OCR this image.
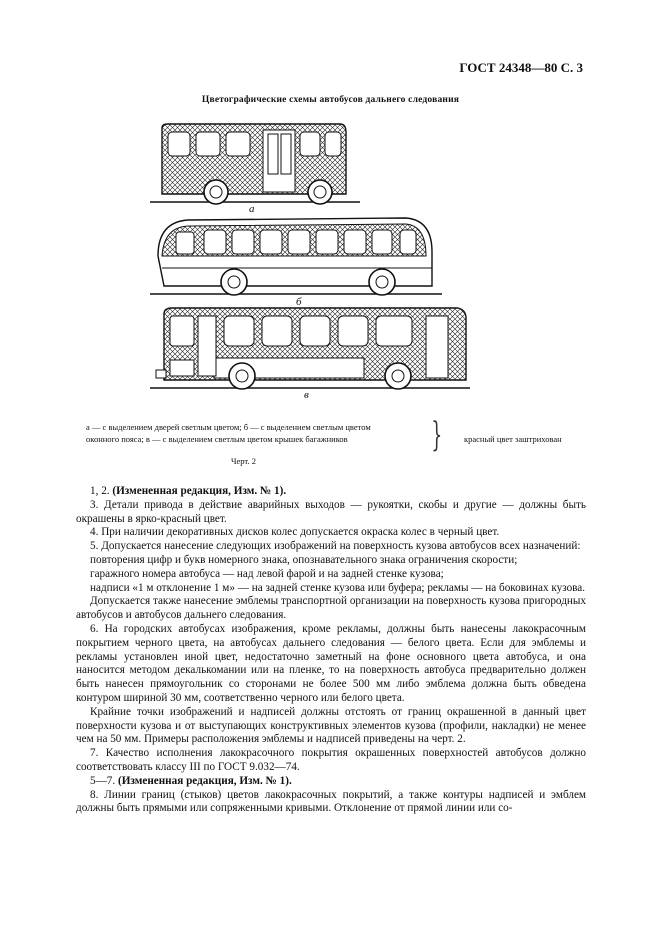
ГОСТ 24348—80 С. 3
Цветографические схемы автобусов дальнего следования
а
б
в
а — с выделением дверей светлым цветом; б — с выделением светлым цветом
оконного пояса; в — с выделением светлым цветом крышек багажников	}	красный цвет заштрихован
Черт. 2

1, 2. (Измененная редакция, Изм. № 1).

3. Детали привода в действие аварийных выходов — рукоятки, скобы и другие — должны быть окрашены в ярко-красный цвет.

4. При наличии декоративных дисков колес допускается окраска колес в черный цвет.

5. Допускается нанесение следующих изображений на поверхность кузова автобусов всех назначений:

повторения цифр и букв номерного знака, опознавательного знака ограничения скорости;

гаражного номера автобуса — над левой фарой и на задней стенке кузова;

надписи «1 м отклонение 1 м» — на задней стенке кузова или буфера; рекламы — на боковинах кузова.

Допускается также нанесение эмблемы транспортной организации на поверхность кузова пригородных автобусов и автобусов дальнего следования.

6. На городских автобусах изображения, кроме рекламы, должны быть нанесены лакокрасочным покрытием черного цвета, на автобусах дальнего следования — белого цвета. Если для эмблемы и рекламы установлен иной цвет, недостаточно заметный на фоне основного цвета автобуса, и она наносится методом декалькомании или на пленке, то на поверхность автобуса предварительно должен быть нанесен прямоугольник со сторонами не более 500 мм либо эмблема должна быть обведена контуром шириной 30 мм, соответственно черного или белого цвета.

Крайние точки изображений и надписей должны отстоять от границ окрашенной в данный цвет поверхности кузова и от выступающих конструктивных элементов кузова (профили, накладки) не менее чем на 50 мм. Примеры расположения эмблемы и надписей приведены на черт. 2.

7. Качество исполнения лакокрасочного покрытия окрашенных поверхностей автобусов должно соответствовать классу III по ГОСТ 9.032—74.

5—7. (Измененная редакция, Изм. № 1).

8. Линии границ (стыков) цветов лакокрасочных покрытий, а также контуры надписей и эмблем должны быть прямыми или сопряженными кривыми. Отклонение от прямой линии или со-
